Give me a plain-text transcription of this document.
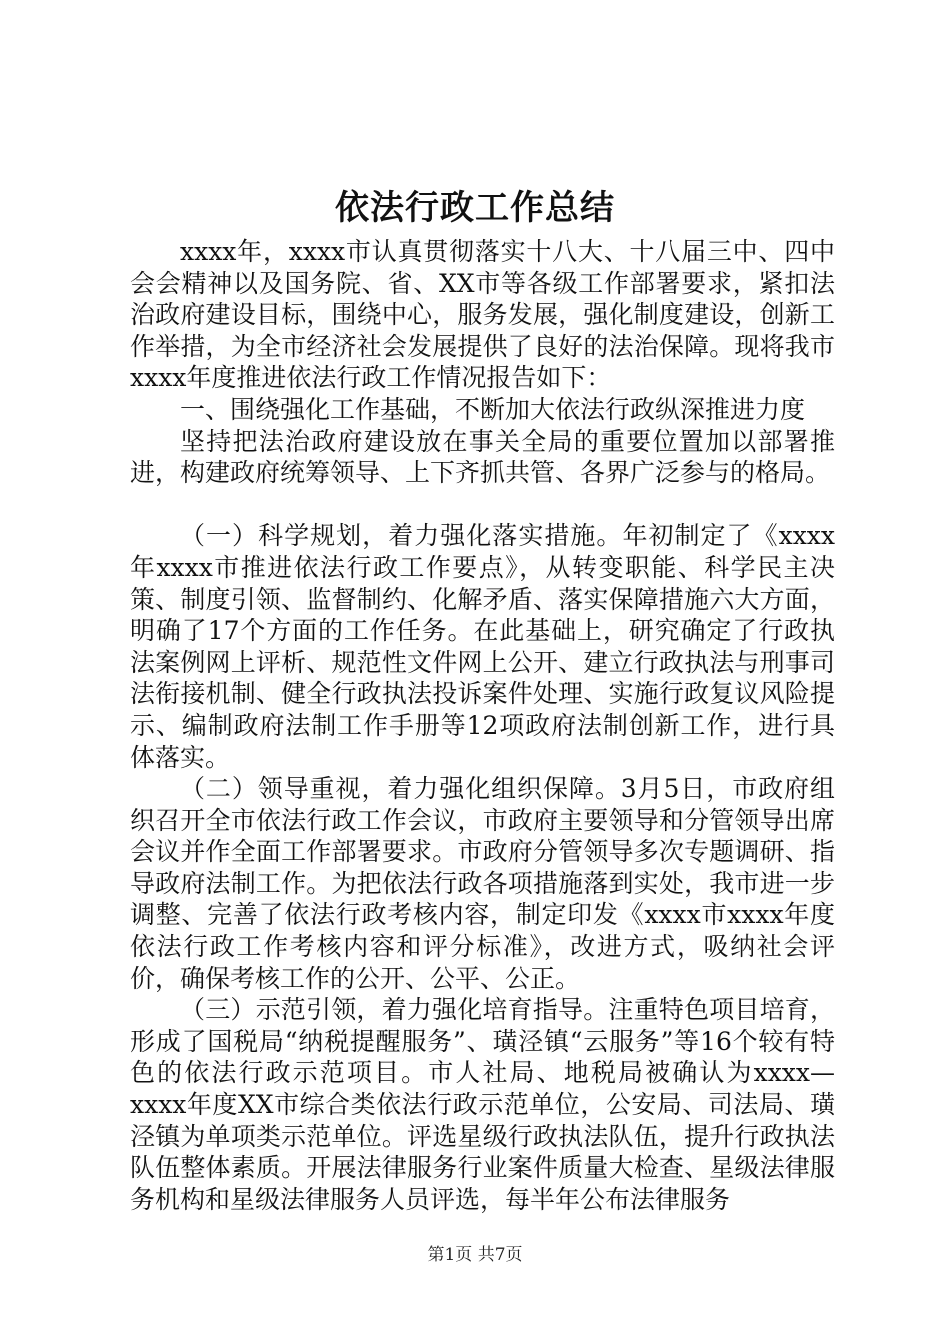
依法行政工作总结

xxxx年，xxxx市认真贯彻落实十八大、十八届三中、四中会会精神以及国务院、省、XX市等各级工作部署要求，紧扣法治政府建设目标，围绕中心，服务发展，强化制度建设，创新工作举措，为全市经济社会发展提供了良好的法治保障。现将我市xxxx年度推进依法行政工作情况报告如下：

一、围绕强化工作基础，不断加大依法行政纵深推进力度

坚持把法治政府建设放在事关全局的重要位置加以部署推进，构建政府统筹领导、上下齐抓共管、各界广泛参与的格局。

（一）科学规划，着力强化落实措施。年初制定了《xxxx年xxxx市推进依法行政工作要点》，从转变职能、科学民主决策、制度引领、监督制约、化解矛盾、落实保障措施六大方面，明确了17个方面的工作任务。在此基础上，研究确定了行政执法案例网上评析、规范性文件网上公开、建立行政执法与刑事司法衔接机制、健全行政执法投诉案件处理、实施行政复议风险提示、编制政府法制工作手册等12项政府法制创新工作，进行具体落实。

（二）领导重视，着力强化组织保障。3月5日，市政府组织召开全市依法行政工作会议，市政府主要领导和分管领导出席会议并作全面工作部署要求。市政府分管领导多次专题调研、指导政府法制工作。为把依法行政各项措施落到实处，我市进一步调整、完善了依法行政考核内容，制定印发《xxxx市xxxx年度依法行政工作考核内容和评分标准》，改进方式，吸纳社会评价，确保考核工作的公开、公平、公正。

（三）示范引领，着力强化培育指导。注重特色项目培育，形成了国税局“纳税提醒服务”、璜泾镇“云服务”等16个较有特色的依法行政示范项目。市人社局、地税局被确认为xxxx—xxxx年度XX市综合类依法行政示范单位，公安局、司法局、璜泾镇为单项类示范单位。评选星级行政执法队伍，提升行政执法队伍整体素质。开展法律服务行业案件质量大检查、星级法律服务机构和星级法律服务人员评选，每半年公布法律服务

第1页 共7页
